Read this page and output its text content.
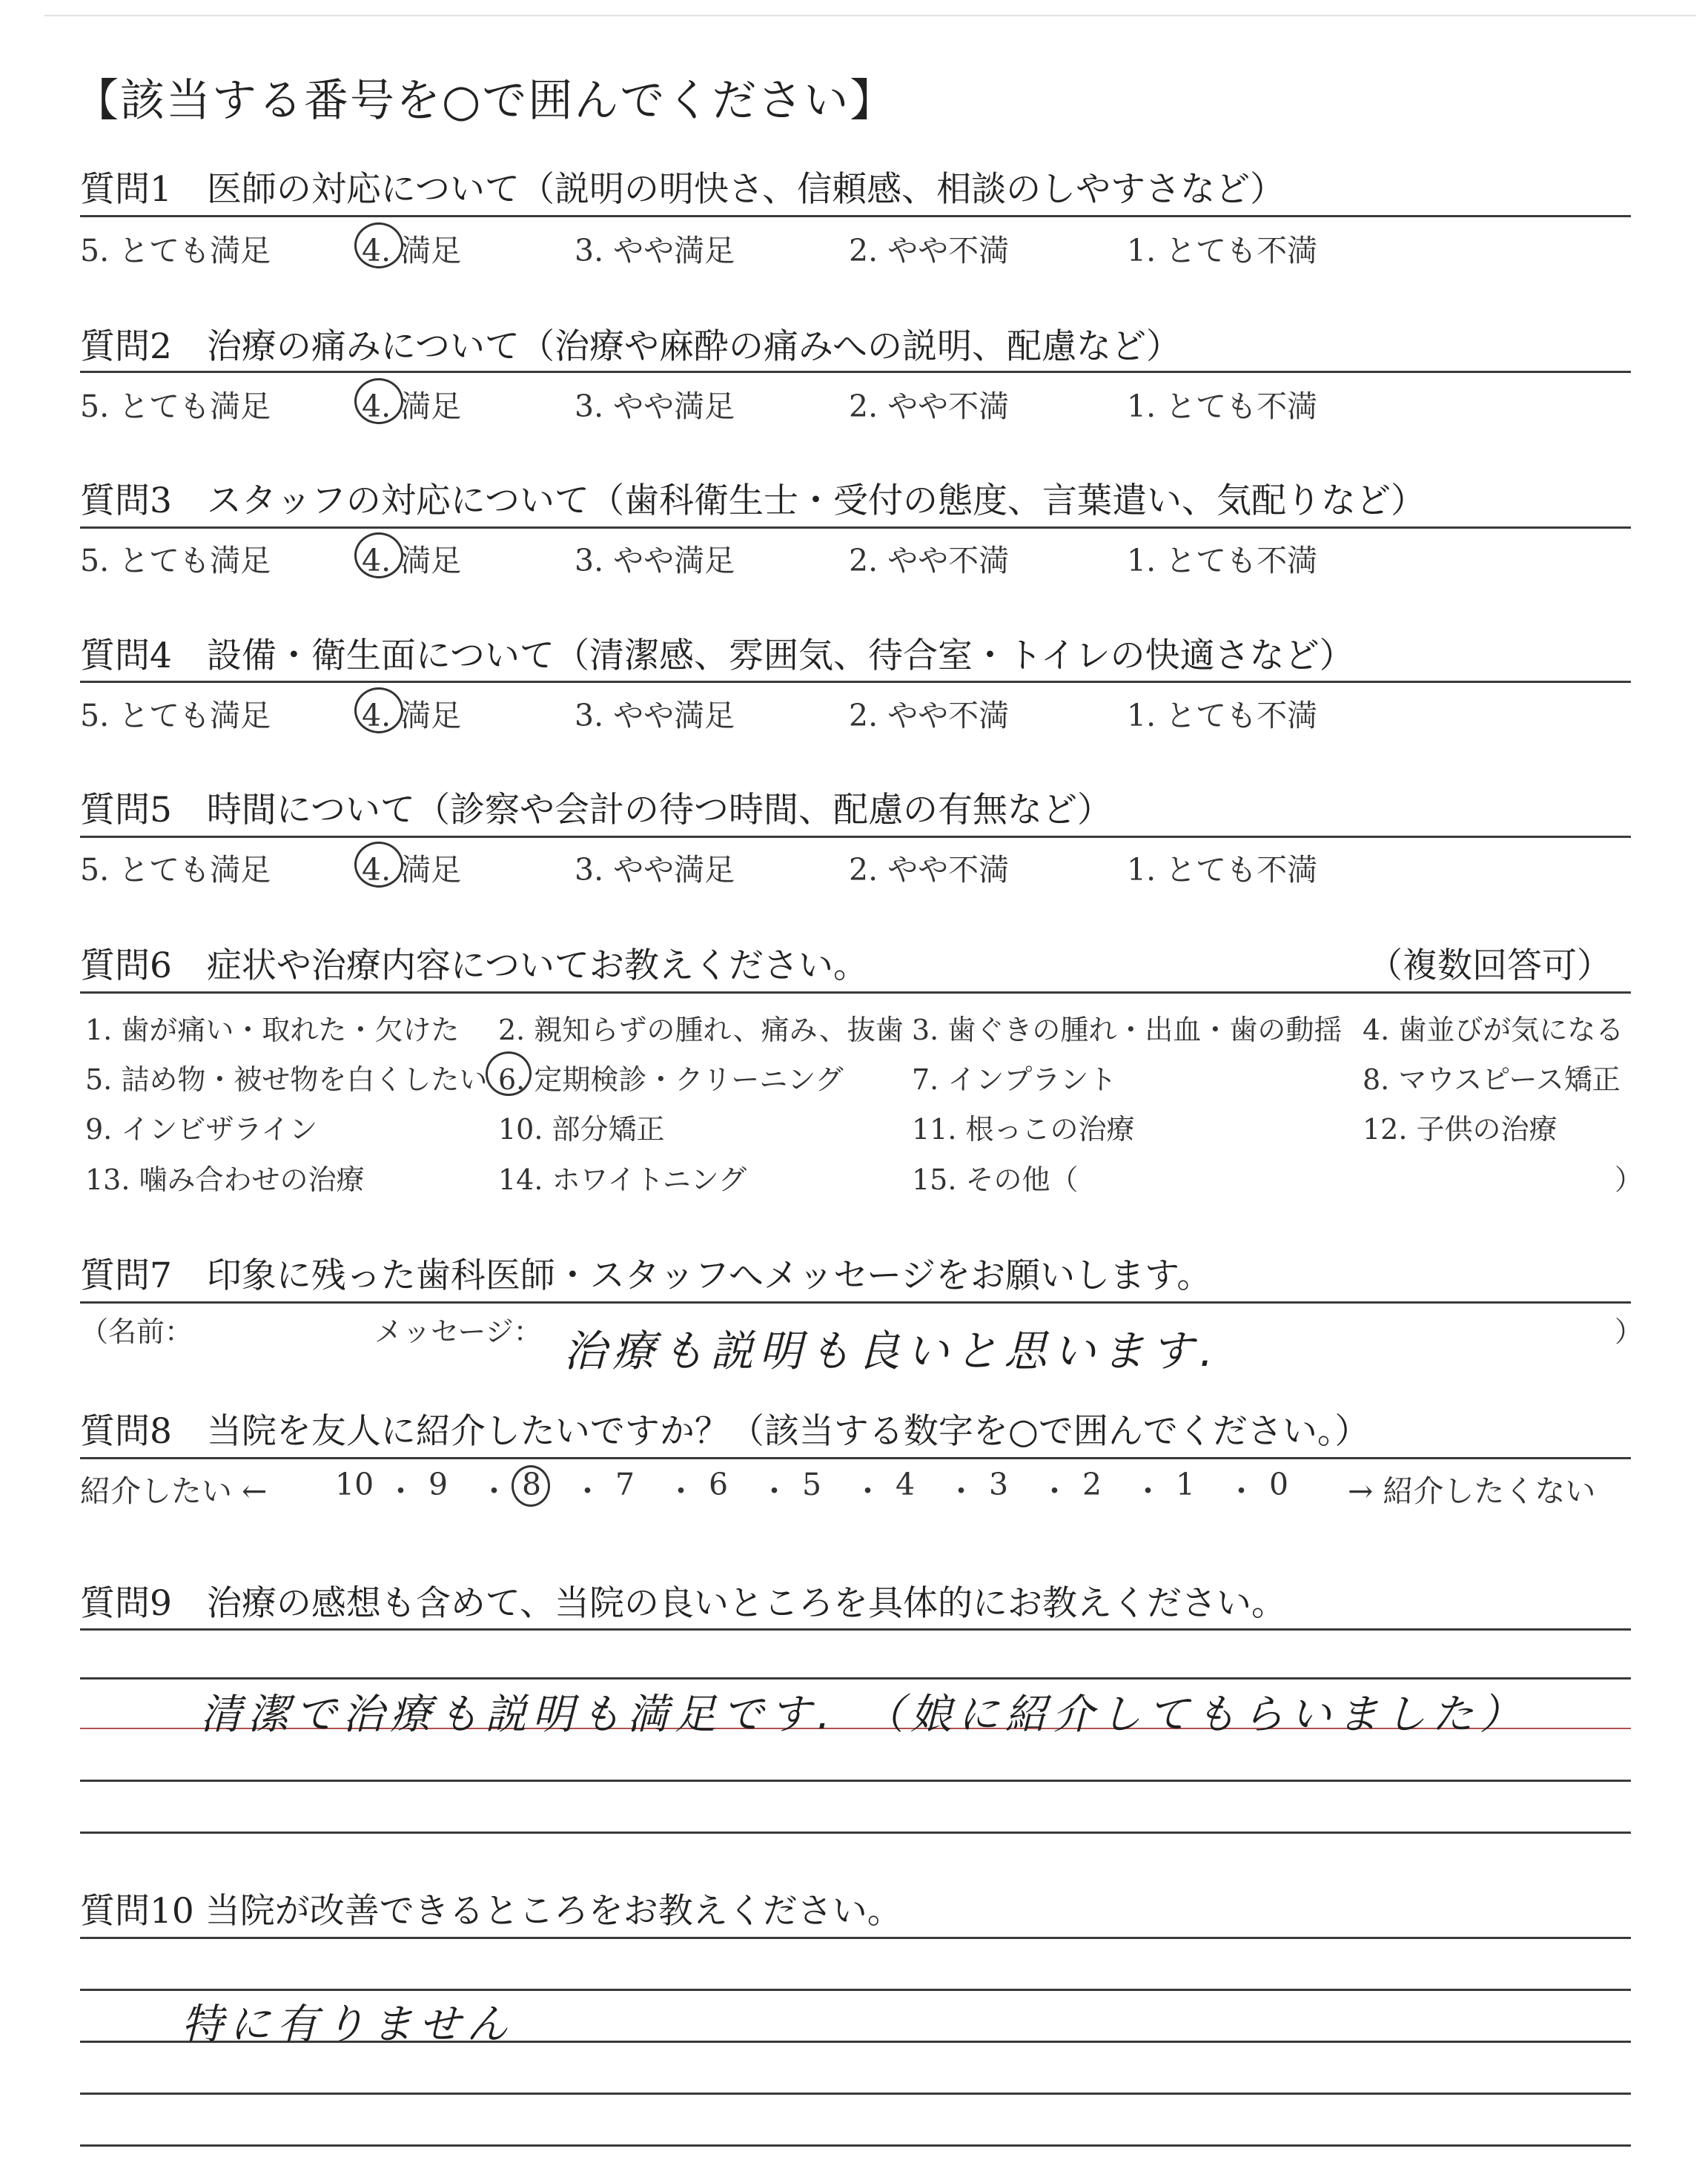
【該当する番号を○で囲んでください】
質問1　医師の対応について（説明の明快さ、信頼感、相談のしやすさなど）
5. とても満足	4. 満足	3. やや満足	2. やや不満	1. とても不満
質問2　治療の痛みについて（治療や麻酔の痛みへの説明、配慮など）
5. とても満足	4. 満足	3. やや満足	2. やや不満	1. とても不満
質問3　スタッフの対応について（歯科衛生士・受付の態度、言葉遣い、気配りなど）
5. とても満足	4. 満足	3. やや満足	2. やや不満	1. とても不満
質問4　設備・衛生面について（清潔感、雰囲気、待合室・トイレの快適さなど）
5. とても満足	4. 満足	3. やや満足	2. やや不満	1. とても不満
質問5　時間について（診察や会計の待つ時間、配慮の有無など）
5. とても満足	4. 満足	3. やや満足	2. やや不満	1. とても不満
質問6　症状や治療内容についてお教えください。	（複数回答可）
1. 歯が痛い・取れた・欠けた 2. 親知らずの腫れ、痛み、抜歯 3. 歯ぐきの腫れ・出血・歯の動揺 4. 歯並びが気になる
5. 詰め物・被せ物を白くしたい 6. 定期検診・クリーニング 7. インプラント	8. マウスピース矯正
9. インビザライン	10. 部分矯正	11. 根っこの治療	12. 子供の治療
13. 噛み合わせの治療	14. ホワイトニング	15. その他（	）
質問7　印象に残った歯科医師・スタッフへメッセージをお願いします。
（名前：	メッセージ： 治療も説明も良いと思います.	）
質問8　当院を友人に紹介したいですか？（該当する数字を○で囲んでください。）
紹介したい ← 10 ・ 9 ・ 8 ・ 7 ・ 6 ・ 5 ・ 4 ・ 3 ・ 2 ・ 1 ・ 0 → 紹介したくない
質問9　治療の感想も含めて、当院の良いところを具体的にお教えください。
清潔で治療も説明も満足です.　（娘に紹介してもらいました）
質問10 当院が改善できるところをお教えください。
特に有りません
